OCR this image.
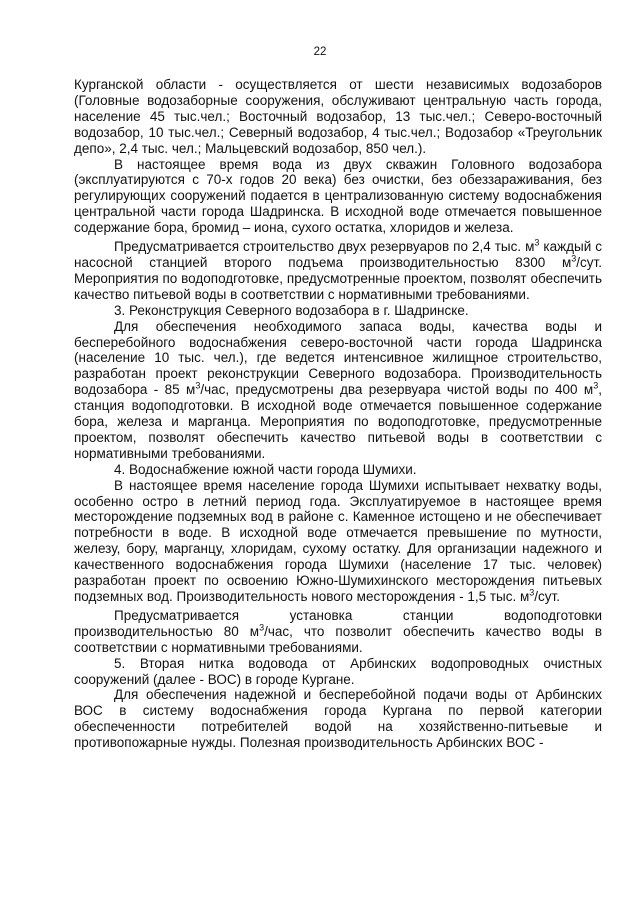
22

Курганской области - осуществляется от шести независимых водозаборов (Головные водозаборные сооружения, обслуживают центральную часть города, население 45 тыс.чел.; Восточный водозабор, 13 тыс.чел.; Северо-восточный водозабор, 10 тыс.чел.; Северный водозабор, 4 тыс.чел.; Водозабор «Треугольник депо», 2,4 тыс. чел.; Мальцевский водозабор, 850 чел.).

В настоящее время вода из двух скважин Головного водозабора (эксплуатируются с 70-х годов 20 века) без очистки, без обеззараживания, без регулирующих сооружений подается в централизованную систему водоснабжения центральной части города Шадринска. В исходной воде отмечается повышенное содержание бора, бромид – иона, сухого остатка, хлоридов и железа.

Предусматривается строительство двух резервуаров по 2,4 тыс. $м^3$ каждый с насосной станцией второго подъема производительностью 8300 $м^3$/сут. Мероприятия по водоподготовке, предусмотренные проектом, позволят обеспечить качество питьевой воды в соответствии с нормативными требованиями.

3. Реконструкция Северного водозабора в г. Шадринске.

Для обеспечения необходимого запаса воды, качества воды и бесперебойного водоснабжения северо-восточной части города Шадринска (население 10 тыс. чел.), где ведется интенсивное жилищное строительство, разработан проект реконструкции Северного водозабора. Производительность водозабора - 85 $м^3$/час, предусмотрены два резервуара чистой воды по 400 $м^3$, станция водоподготовки. В исходной воде отмечается повышенное содержание бора, железа и марганца. Мероприятия по водоподготовке, предусмотренные проектом, позволят обеспечить качество питьевой воды в соответствии с нормативными требованиями.

4. Водоснабжение южной части города Шумихи.

В настоящее время население города Шумихи испытывает нехватку воды, особенно остро в летний период года. Эксплуатируемое в настоящее время месторождение подземных вод в районе с. Каменное истощено и не обеспечивает потребности в воде. В исходной воде отмечается превышение по мутности, железу, бору, марганцу, хлоридам, сухому остатку. Для организации надежного и качественного водоснабжения города Шумихи (население 17 тыс. человек) разработан проект по освоению Южно-Шумихинского месторождения питьевых подземных вод. Производительность нового месторождения - 1,5 тыс. $м^3$/сут.

Предусматривается установка станции водоподготовки производительностью 80 $м^3$/час, что позволит обеспечить качество воды в соответствии с нормативными требованиями.

5. Вторая нитка водовода от Арбинских водопроводных очистных сооружений (далее - ВОС) в городе Кургане.

Для обеспечения надежной и бесперебойной подачи воды от Арбинских ВОС в систему водоснабжения города Кургана по первой категории обеспеченности потребителей водой на хозяйственно-питьевые и противопожарные нужды. Полезная производительность Арбинских ВОС -
